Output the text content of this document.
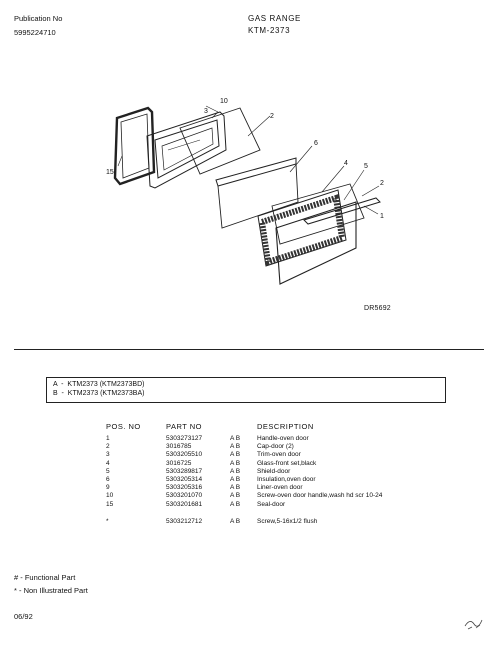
Publication No
5995224710
GAS RANGE
KTM-2373
10
3
2
6
4 5
2
1
15
DR5692
A  -  KTM2373 (KTM2373BD)
B  -  KTM2373 (KTM2373BA)
POS. NO	PART NO		DESCRIPTION
1	5303273127	A B	Handle-oven door
2	3016785	A B	Cap-door (2)
3	5303205510	A B	Trim-oven door
4	3016725	A B	Glass-front set,black
5	5303289817	A B	Shield-door
6	5303205314	A B	Insulation,oven door
9	5303205316	A B	Liner-oven door
10	5303201070	A B	Screw-oven door handle,wash hd scr 10-24
15	5303201681	A B	Seal-door

*	5303212712	A B	Screw,5-16x1/2 flush
# - Functional Part
* - Non Illustrated Part
06/92
